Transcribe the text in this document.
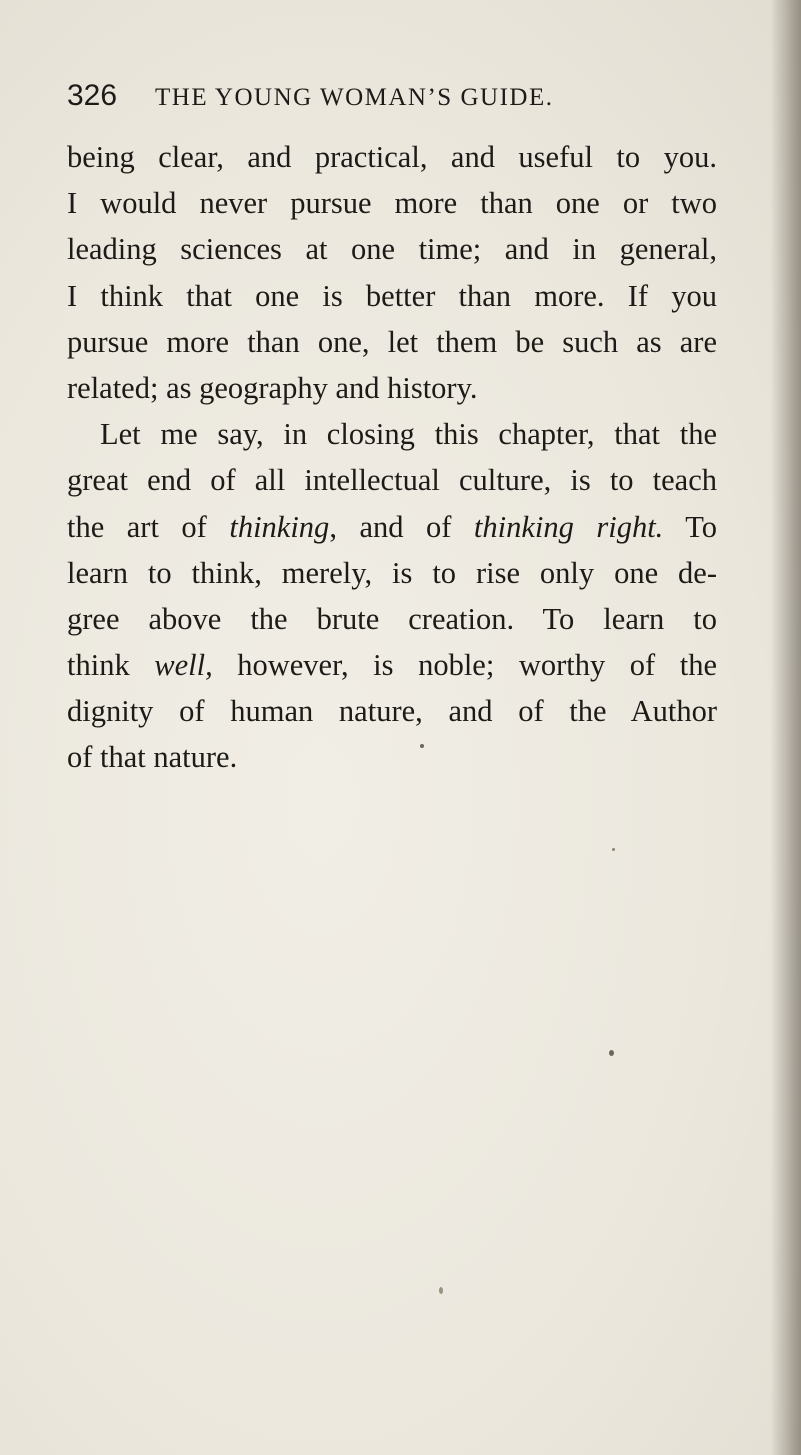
326 THE YOUNG WOMAN’S GUIDE.
being clear, and practical, and useful to you.
I would never pursue more than one or two
leading sciences at one time; and in general,
I think that one is better than more. If you
pursue more than one, let them be such as are
related; as geography and history.
Let me say, in closing this chapter, that the
great end of all intellectual culture, is to teach
the art of thinking, and of thinking right. To
learn to think, merely, is to rise only one de-
gree above the brute creation. To learn to
think well, however, is noble; worthy of the
dignity of human nature, and of the Author
of that nature.
